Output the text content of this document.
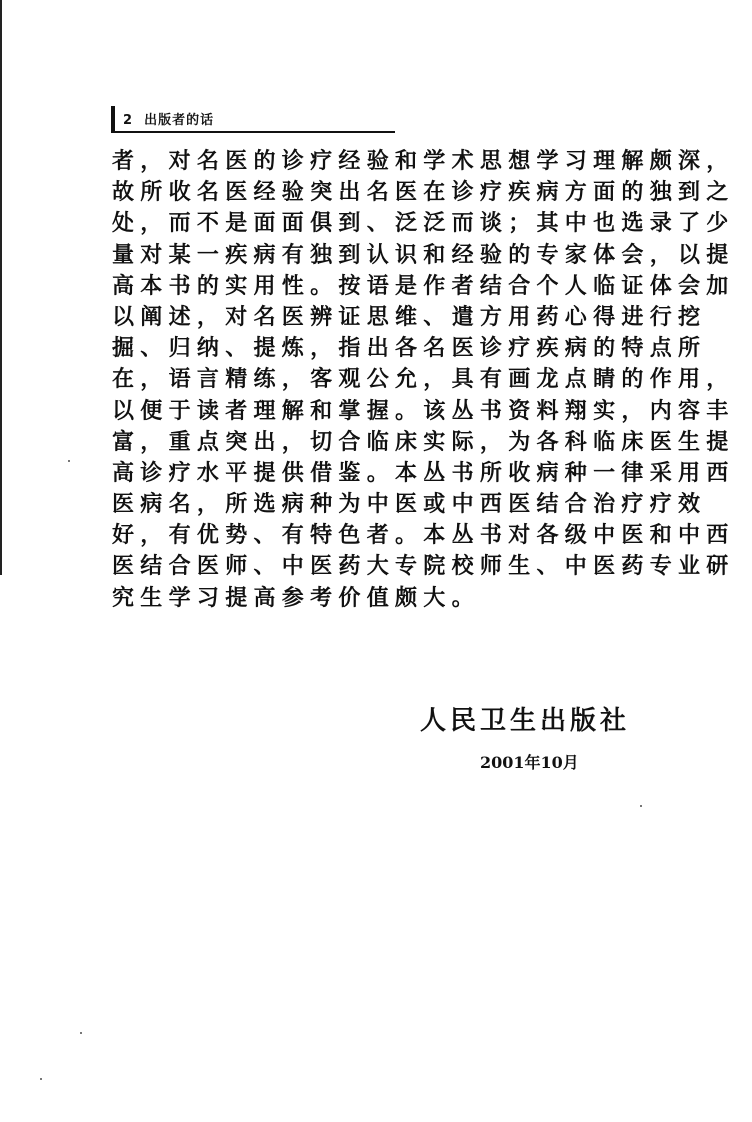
2 出版者的话
者，对名医的诊疗经验和学术思想学习理解颇深，
故所收名医经验突出名医在诊疗疾病方面的独到之
处，而不是面面俱到、泛泛而谈；其中也选录了少
量对某一疾病有独到认识和经验的专家体会，以提
高本书的实用性。按语是作者结合个人临证体会加
以阐述，对名医辨证思维、遣方用药心得进行挖
掘、归纳、提炼，指出各名医诊疗疾病的特点所
在，语言精练，客观公允，具有画龙点睛的作用，
以便于读者理解和掌握。该丛书资料翔实，内容丰
富，重点突出，切合临床实际，为各科临床医生提
高诊疗水平提供借鉴。本丛书所收病种一律采用西
医病名，所选病种为中医或中西医结合治疗疗效
好，有优势、有特色者。本丛书对各级中医和中西
医结合医师、中医药大专院校师生、中医药专业研
究生学习提高参考价值颇大。
人民卫生出版社
2001年10月
